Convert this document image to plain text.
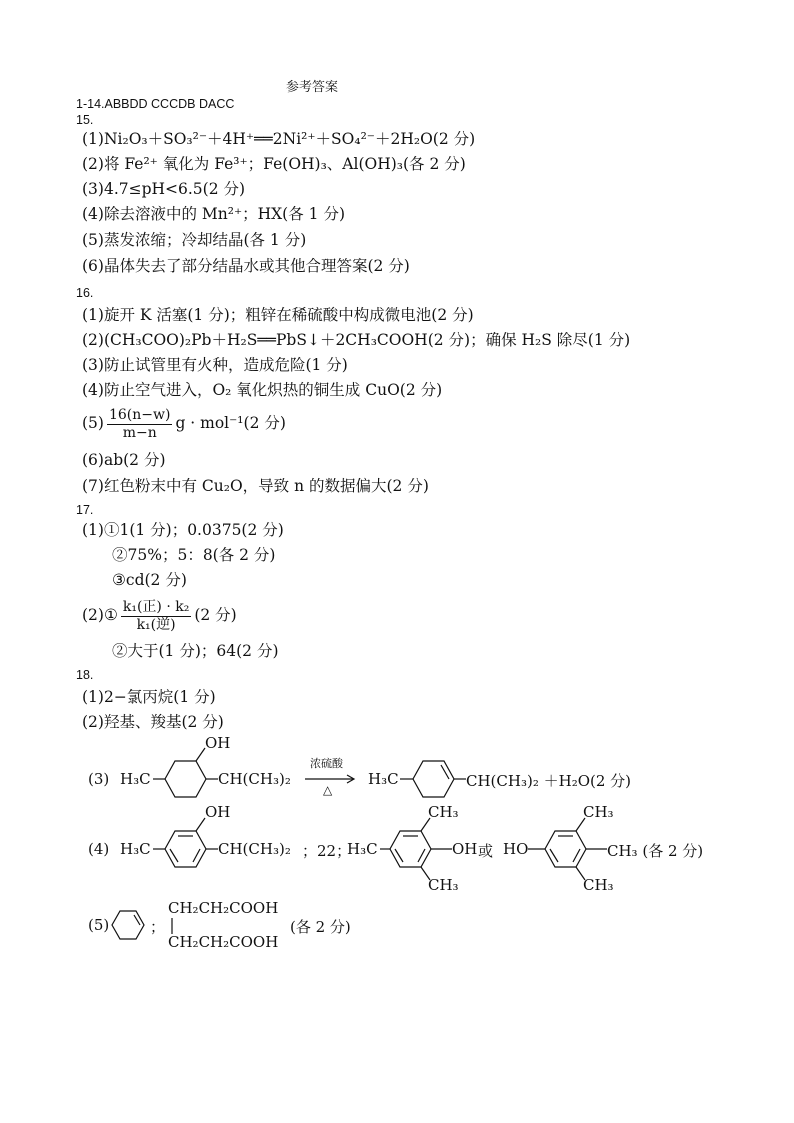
参考答案
1-14.ABBDD CCCDB DACC
15.
(1)Ni₂O₃＋SO₃²⁻＋4H⁺══2Ni²⁺＋SO₄²⁻＋2H₂O(2 分)
(2)将 Fe²⁺ 氧化为 Fe³⁺；Fe(OH)₃、Al(OH)₃(各 2 分)
(3)4.7≤pH<6.5(2 分)
(4)除去溶液中的 Mn²⁺；HX(各 1 分)
(5)蒸发浓缩；冷却结晶(各 1 分)
(6)晶体失去了部分结晶水或其他合理答案(2 分)
16.
(1)旋开 K 活塞(1 分)；粗锌在稀硫酸中构成微电池(2 分)
(2)(CH₃COO)₂Pb＋H₂S══PbS↓＋2CH₃COOH(2 分)；确保 H₂S 除尽(1 分)
(3)防止试管里有火种，造成危险(1 分)
(4)防止空气进入，O₂ 氧化炽热的铜生成 CuO(2 分)
$(5) \frac{16(n-w)}{m-n}$ g · mol⁻¹(2 分)
(6)ab(2 分)
(7)红色粉末中有 Cu₂O，导致 n 的数据偏大(2 分)
17.
(1)①1(1 分)；0.0375(2 分)
②75%；5：8(各 2 分)
③cd(2 分)
(2)① $\frac{\text{k₁(正) · k₂}}{\text{k₁(逆)}} (2$ 分)
②大于(1 分)；64(2 分)
18.
(1)2−氯丙烷(1 分)
(2)羟基、羧基(2 分)
(3) H₃C
OH
CH(CH₃)₂
浓硫酸
△
H₃C	CH(CH₃)₂ ＋H₂O(2 分)
(4) H₃C
OH
CH(CH₃)₂ ；22；
H₃C
CH₃
CH₃
OH 或 HO
CH₃
CH₃
CH₃ (各 2 分)
(5)	；
CH₂CH₂COOH
CH₂CH₂COOH
(各 2 分)
